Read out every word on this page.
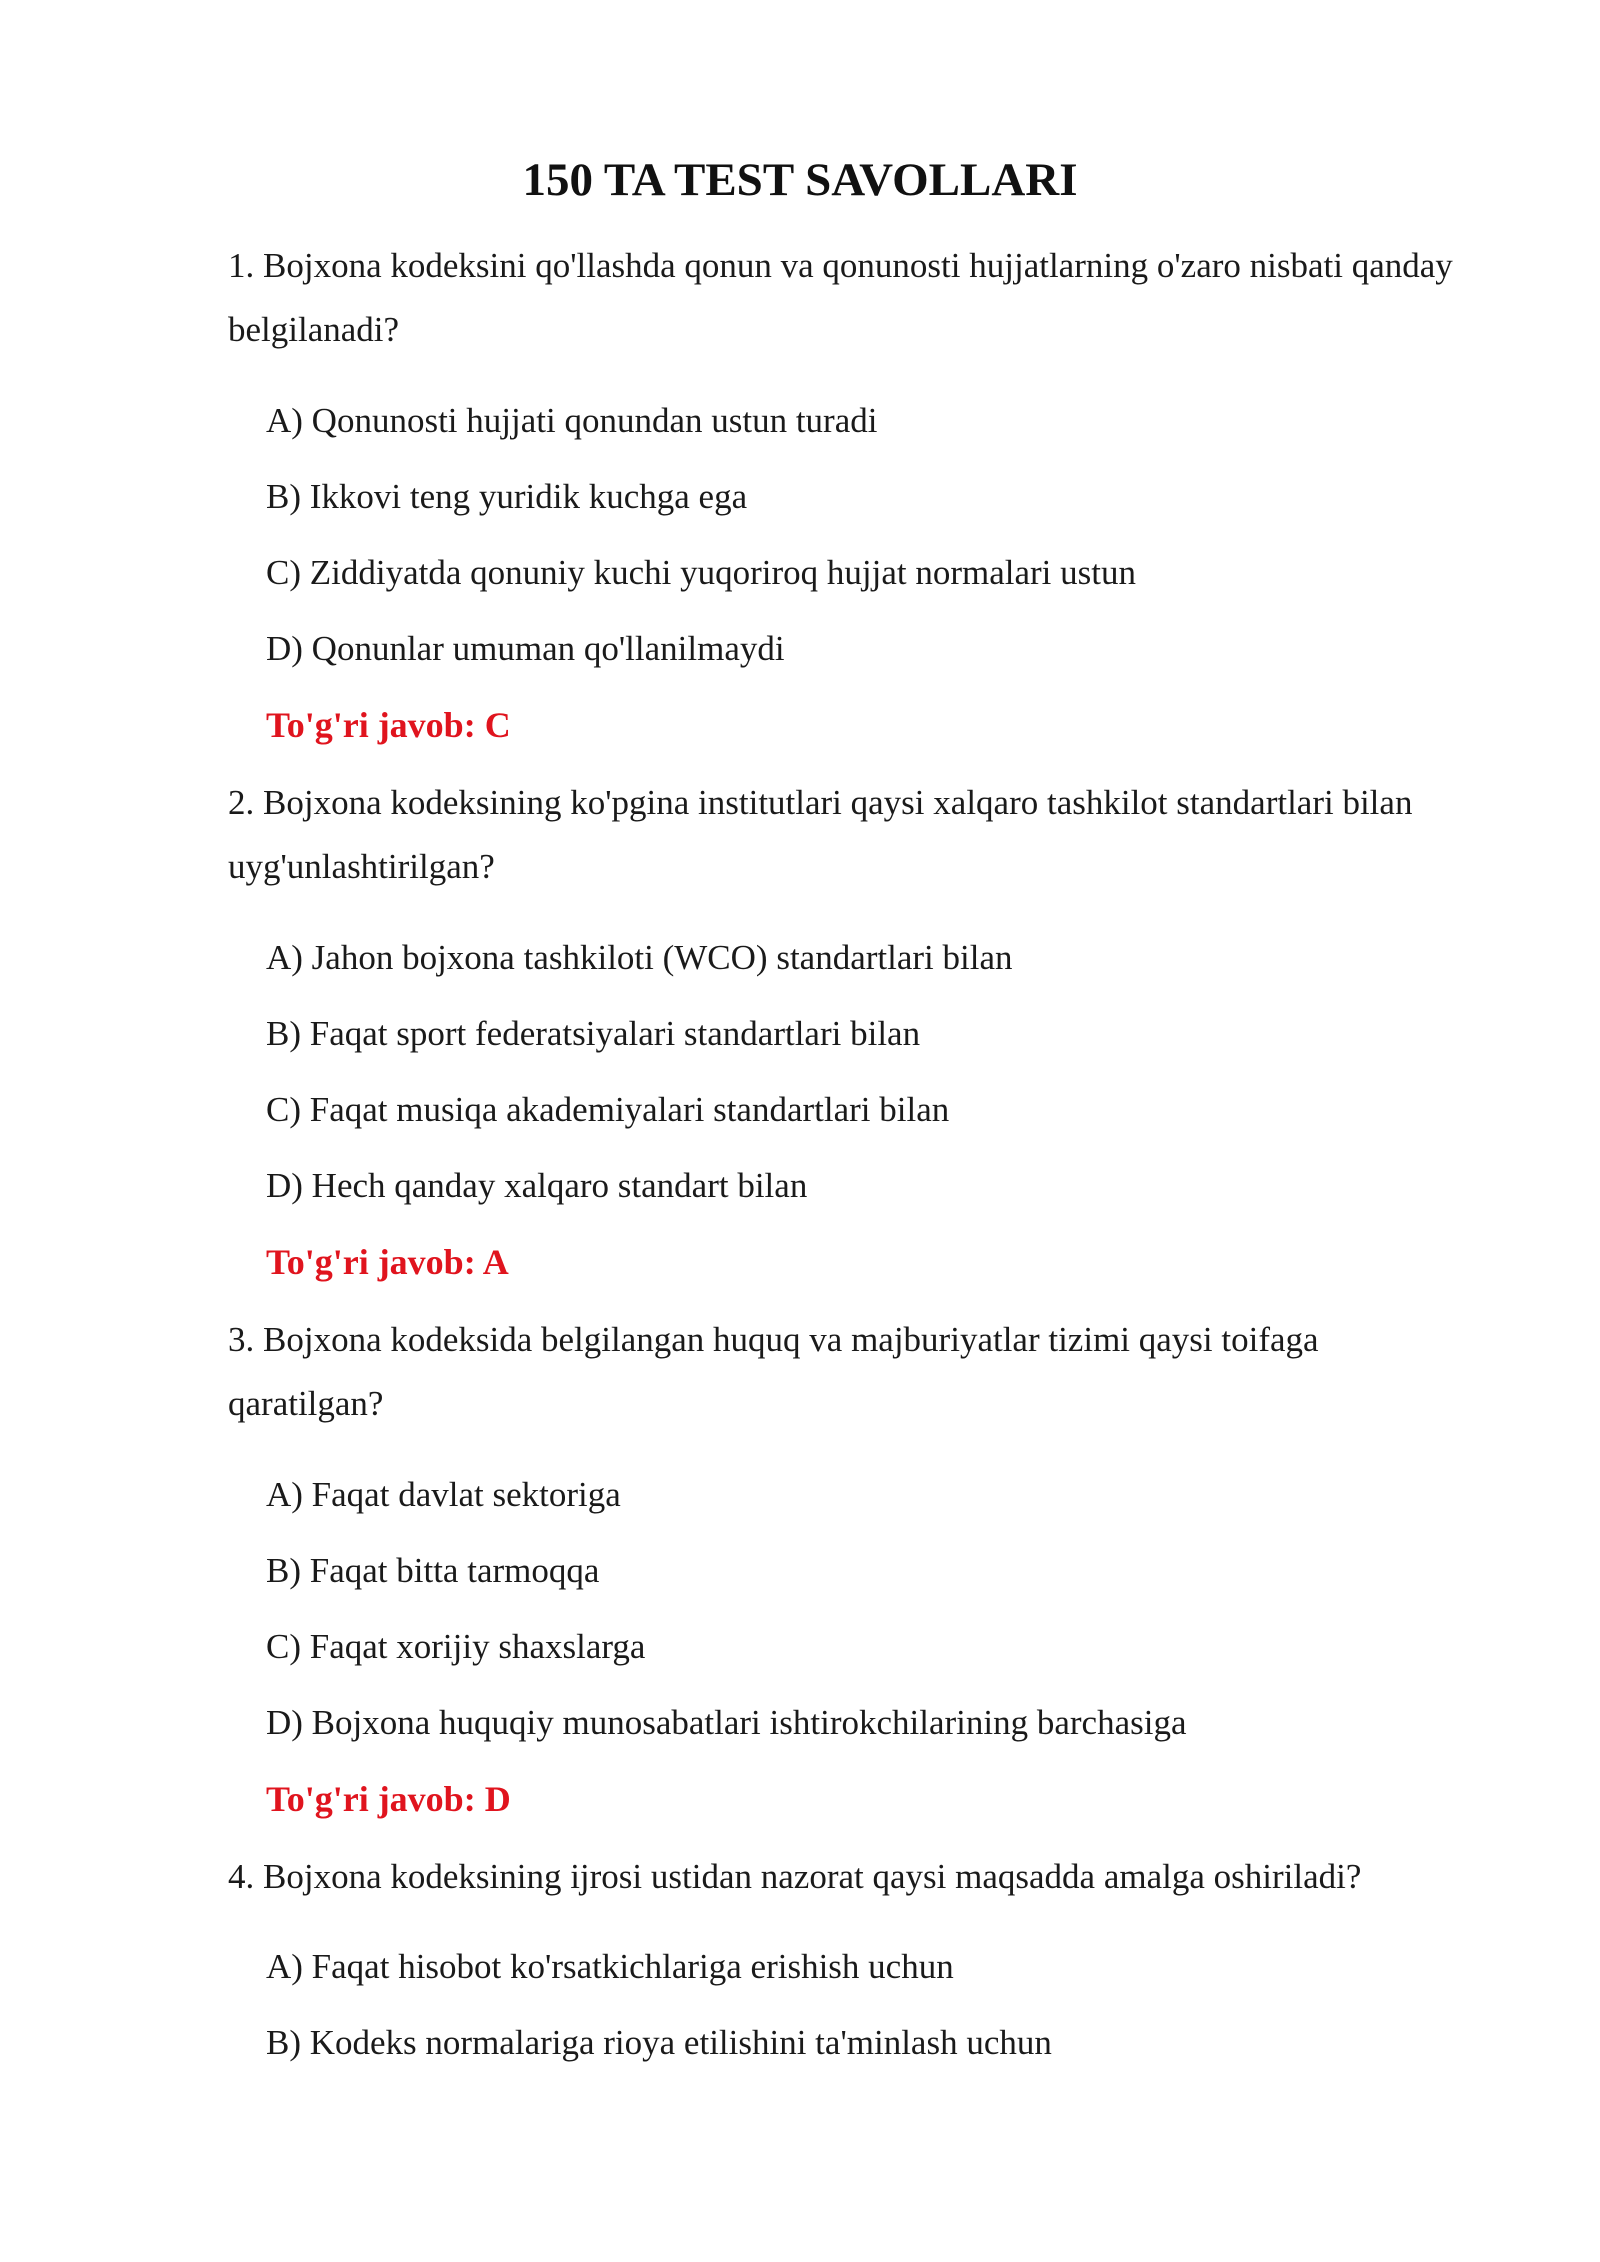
150 TA TEST SAVOLLARI
1. Bojxona kodeksini qo'llashda qonun va qonunosti hujjatlarning o'zaro nisbati qanday belgilanadi?
A) Qonunosti hujjati qonundan ustun turadi
B) Ikkovi teng yuridik kuchga ega
C) Ziddiyatda qonuniy kuchi yuqoriroq hujjat normalari ustun
D) Qonunlar umuman qo'llanilmaydi
To'g'ri javob: C
2. Bojxona kodeksining ko'pgina institutlari qaysi xalqaro tashkilot standartlari bilan uyg'unlashtirilgan?
A) Jahon bojxona tashkiloti (WCO) standartlari bilan
B) Faqat sport federatsiyalari standartlari bilan
C) Faqat musiqa akademiyalari standartlari bilan
D) Hech qanday xalqaro standart bilan
To'g'ri javob: A
3. Bojxona kodeksida belgilangan huquq va majburiyatlar tizimi qaysi toifaga qaratilgan?
A) Faqat davlat sektoriga
B) Faqat bitta tarmoqqa
C) Faqat xorijiy shaxslarga
D) Bojxona huquqiy munosabatlari ishtirokchilarining barchasiga
To'g'ri javob: D
4. Bojxona kodeksining ijrosi ustidan nazorat qaysi maqsadda amalga oshiriladi?
A) Faqat hisobot ko'rsatkichlariga erishish uchun
B) Kodeks normalariga rioya etilishini ta'minlash uchun
